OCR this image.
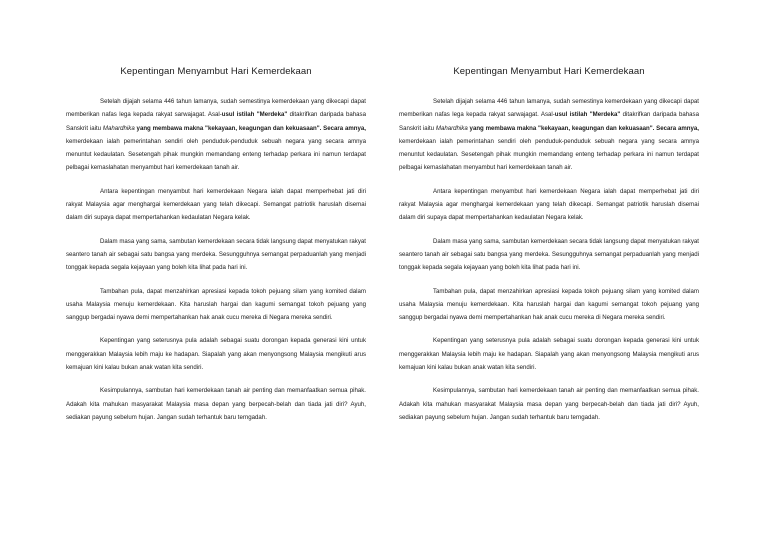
Kepentingan Menyambut Hari Kemerdekaan

Setelah dijajah selama 446 tahun lamanya, sudah semestinya kemerdekaan yang dikecapi dapat memberikan nafas lega kepada rakyat sarwajagat. Asal-usul istilah "Merdeka" ditakrifkan daripada bahasa Sanskrit iaitu Mahardhika yang membawa makna "kekayaan, keagungan dan kekuasaan". Secara amnya, kemerdekaan ialah pemerintahan sendiri oleh penduduk-penduduk sebuah negara yang secara amnya menuntut kedaulatan. Sesetengah pihak mungkin memandang enteng terhadap perkara ini namun terdapat pelbagai kemaslahatan menyambut hari kemerdekaan tanah air.

Antara kepentingan menyambut hari kemerdekaan Negara ialah dapat memperhebat jati diri rakyat Malaysia agar menghargai kemerdekaan yang telah dikecapi. Semangat patriotik haruslah disemai dalam diri supaya dapat mempertahankan kedaulatan Negara kelak.

Dalam masa yang sama, sambutan kemerdekaan secara tidak langsung dapat menyatukan rakyat seantero tanah air sebagai satu bangsa yang merdeka. Sesungguhnya semangat perpaduanlah yang menjadi tonggak kepada segala kejayaan yang boleh kita lihat pada hari ini.

Tambahan pula, dapat menzahirkan apresiasi kepada tokoh pejuang silam yang komited dalam usaha Malaysia menuju kemerdekaan. Kita haruslah hargai dan kagumi semangat tokoh pejuang yang sanggup bergadai nyawa demi mempertahankan hak anak cucu mereka di Negara mereka sendiri.

Kepentingan yang seterusnya pula adalah sebagai suatu dorongan kepada generasi kini untuk menggerakkan Malaysia lebih maju ke hadapan. Siapalah yang akan menyongsong Malaysia mengikuti arus kemajuan kini kalau bukan anak watan kita sendiri.

Kesimpulannya, sambutan hari kemerdekaan tanah air penting dan memanfaatkan semua pihak. Adakah kita mahukan masyarakat Malaysia masa depan yang berpecah-belah dan tiada jati diri? Ayuh, sediakan payung sebelum hujan. Jangan sudah terhantuk baru terngadah.

Kepentingan Menyambut Hari Kemerdekaan

Setelah dijajah selama 446 tahun lamanya, sudah semestinya kemerdekaan yang dikecapi dapat memberikan nafas lega kepada rakyat sarwajagat. Asal-usul istilah "Merdeka" ditakrifkan daripada bahasa Sanskrit iaitu Mahardhika yang membawa makna "kekayaan, keagungan dan kekuasaan". Secara amnya, kemerdekaan ialah pemerintahan sendiri oleh penduduk-penduduk sebuah negara yang secara amnya menuntut kedaulatan. Sesetengah pihak mungkin memandang enteng terhadap perkara ini namun terdapat pelbagai kemaslahatan menyambut hari kemerdekaan tanah air.

Antara kepentingan menyambut hari kemerdekaan Negara ialah dapat memperhebat jati diri rakyat Malaysia agar menghargai kemerdekaan yang telah dikecapi. Semangat patriotik haruslah disemai dalam diri supaya dapat mempertahankan kedaulatan Negara kelak.

Dalam masa yang sama, sambutan kemerdekaan secara tidak langsung dapat menyatukan rakyat seantero tanah air sebagai satu bangsa yang merdeka. Sesungguhnya semangat perpaduanlah yang menjadi tonggak kepada segala kejayaan yang boleh kita lihat pada hari ini.

Tambahan pula, dapat menzahirkan apresiasi kepada tokoh pejuang silam yang komited dalam usaha Malaysia menuju kemerdekaan. Kita haruslah hargai dan kagumi semangat tokoh pejuang yang sanggup bergadai nyawa demi mempertahankan hak anak cucu mereka di Negara mereka sendiri.

Kepentingan yang seterusnya pula adalah sebagai suatu dorongan kepada generasi kini untuk menggerakkan Malaysia lebih maju ke hadapan. Siapalah yang akan menyongsong Malaysia mengikuti arus kemajuan kini kalau bukan anak watan kita sendiri.

Kesimpulannya, sambutan hari kemerdekaan tanah air penting dan memanfaatkan semua pihak. Adakah kita mahukan masyarakat Malaysia masa depan yang berpecah-belah dan tiada jati diri? Ayuh, sediakan payung sebelum hujan. Jangan sudah terhantuk baru terngadah.
